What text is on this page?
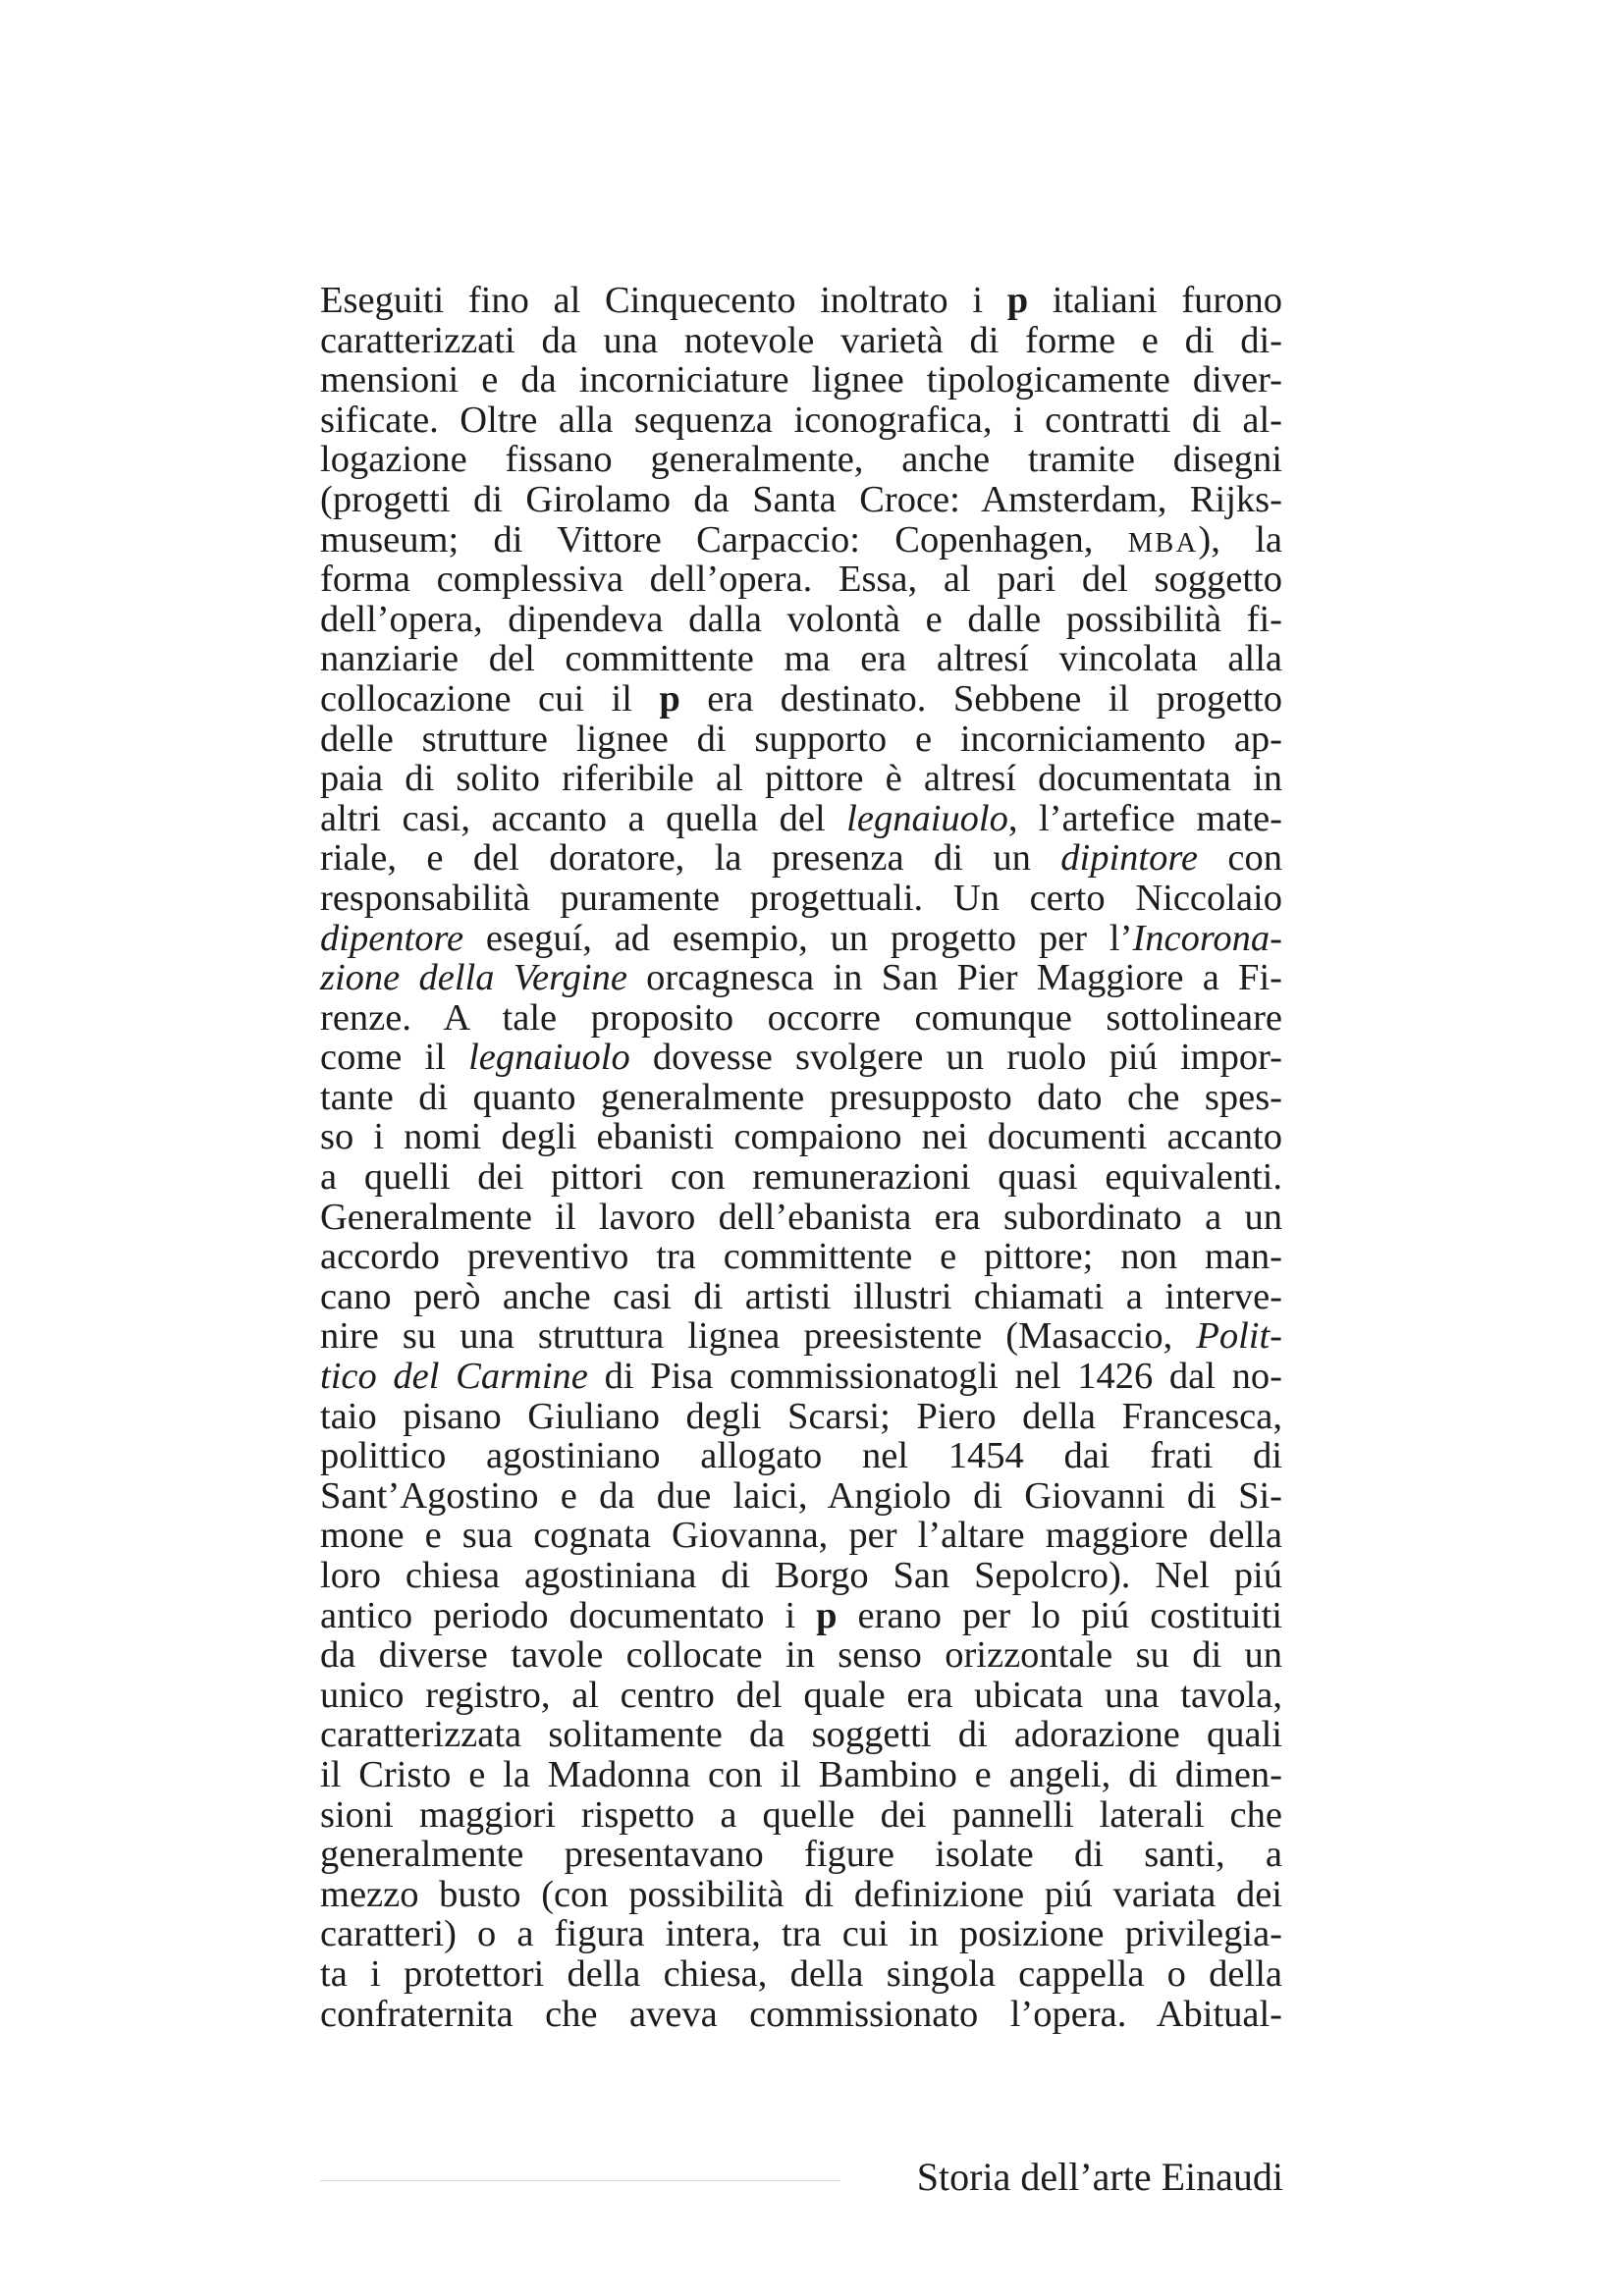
Eseguiti fino al Cinquecento inoltrato i p italiani furono
caratterizzati da una notevole varietà di forme e di di-
mensioni e da incorniciature lignee tipologicamente diver-
sificate. Oltre alla sequenza iconografica, i contratti di al-
logazione fissano generalmente, anche tramite disegni
(progetti di Girolamo da Santa Croce: Amsterdam, Rijks-
museum; di Vittore Carpaccio: Copenhagen, MBA), la
forma complessiva dell’opera. Essa, al pari del soggetto
dell’opera, dipendeva dalla volontà e dalle possibilità fi-
nanziarie del committente ma era altresí vincolata alla
collocazione cui il p era destinato. Sebbene il progetto
delle strutture lignee di supporto e incorniciamento ap-
paia di solito riferibile al pittore è altresí documentata in
altri casi, accanto a quella del legnaiuolo, l’artefice mate-
riale, e del doratore, la presenza di un dipintore con
responsabilità puramente progettuali. Un certo Niccolaio
dipentore eseguí, ad esempio, un progetto per l’Incorona-
zione della Vergine orcagnesca in San Pier Maggiore a Fi-
renze. A tale proposito occorre comunque sottolineare
come il legnaiuolo dovesse svolgere un ruolo piú impor-
tante di quanto generalmente presupposto dato che spes-
so i nomi degli ebanisti compaiono nei documenti accanto
a quelli dei pittori con remunerazioni quasi equivalenti.
Generalmente il lavoro dell’ebanista era subordinato a un
accordo preventivo tra committente e pittore; non man-
cano però anche casi di artisti illustri chiamati a interve-
nire su una struttura lignea preesistente (Masaccio, Polit-
tico del Carmine di Pisa commissionatogli nel 1426 dal no-
taio pisano Giuliano degli Scarsi; Piero della Francesca,
polittico agostiniano allogato nel 1454 dai frati di
Sant’Agostino e da due laici, Angiolo di Giovanni di Si-
mone e sua cognata Giovanna, per l’altare maggiore della
loro chiesa agostiniana di Borgo San Sepolcro). Nel piú
antico periodo documentato i p erano per lo piú costituiti
da diverse tavole collocate in senso orizzontale su di un
unico registro, al centro del quale era ubicata una tavola,
caratterizzata solitamente da soggetti di adorazione quali
il Cristo e la Madonna con il Bambino e angeli, di dimen-
sioni maggiori rispetto a quelle dei pannelli laterali che
generalmente presentavano figure isolate di santi, a
mezzo busto (con possibilità di definizione piú variata dei
caratteri) o a figura intera, tra cui in posizione privilegia-
ta i protettori della chiesa, della singola cappella o della
confraternita che aveva commissionato l’opera. Abitual-
Storia dell’arte Einaudi
